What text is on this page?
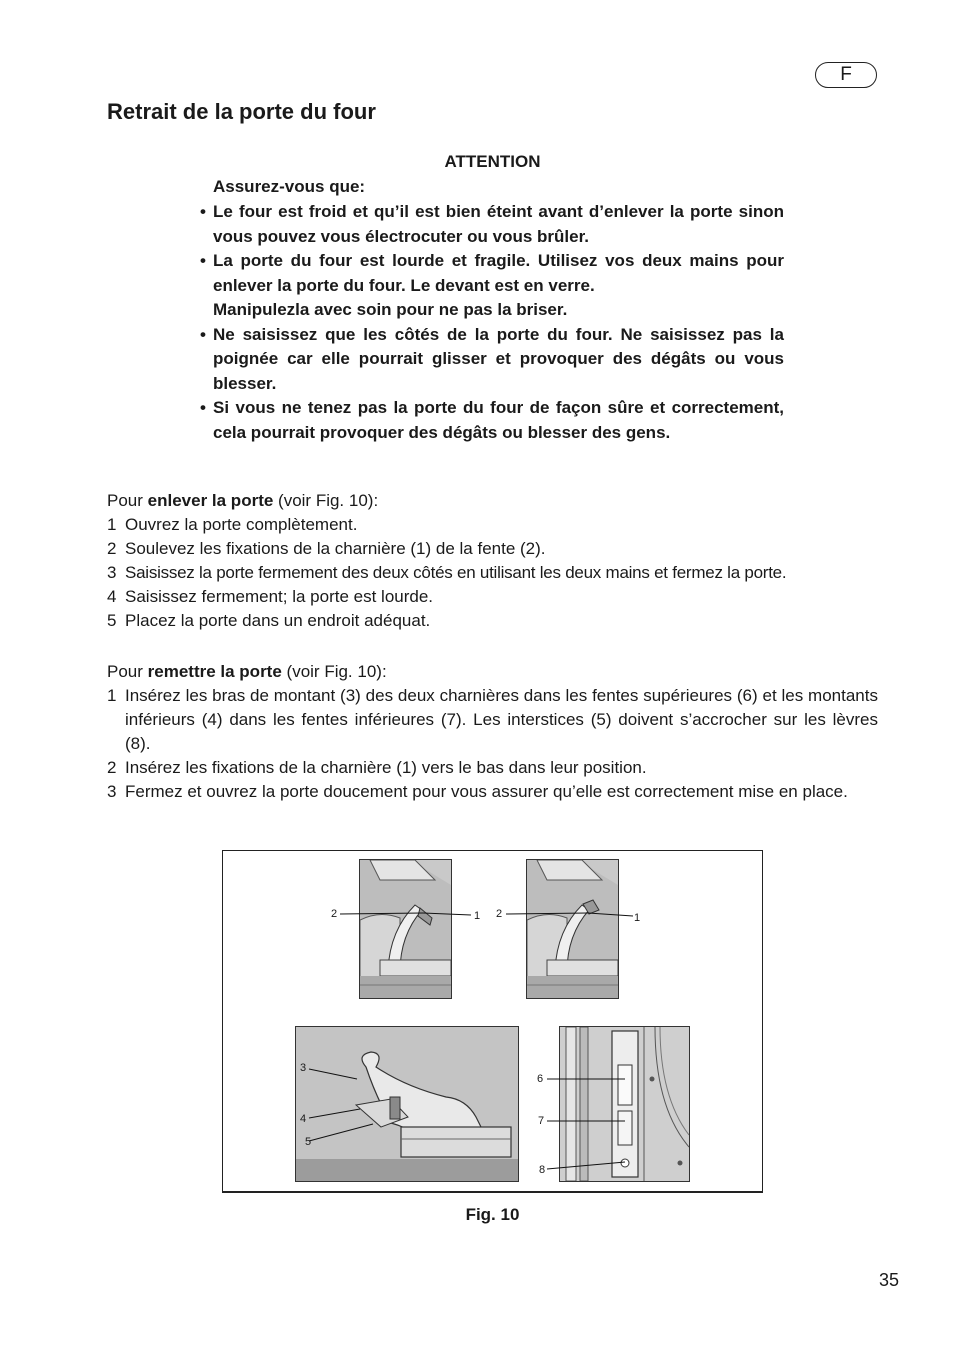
F
Retrait de la porte du four
ATTENTION
Assurez-vous que:
• Le four est froid et qu’il est bien éteint avant d’enlever la porte sinon vous pouvez vous électrocuter ou vous brûler.
• La porte du four est lourde et fragile. Utilisez vos deux mains pour enlever la porte du four. Le devant est en verre.
Manipulezla avec soin pour ne pas la briser.
• Ne saisissez que les côtés de la porte du four. Ne saisissez pas la poignée car elle pourrait glisser et provoquer des dégâts ou vous blesser.
• Si vous ne tenez pas la porte du four de façon sûre et correctement, cela pourrait provoquer des dégâts ou blesser des gens.

Pour enlever la porte (voir Fig. 10):

1 Ouvrez la porte complètement.
2 Soulevez les fixations de la charnière (1) de la fente (2).
3 Saisissez la porte fermement des deux côtés en utilisant les deux mains et fermez la porte.
4 Saisissez fermement; la porte est lourde.
5 Placez la porte dans un endroit adéquat.

Pour remettre la porte (voir Fig. 10):

1 Insérez les bras de montant (3) des deux charnières dans les fentes supérieures (6) et les montants inférieurs (4) dans les fentes inférieures (7). Les interstices (5) doivent s’accrocher sur les lèvres (8).
2 Insérez les fixations de la charnière (1) vers le bas dans leur position.
3 Fermez et ouvrez la porte doucement pour vous assurer qu’elle est correctement mise en place.
2	1 2	1
3
4
5
6
7
8
Fig. 10
35
